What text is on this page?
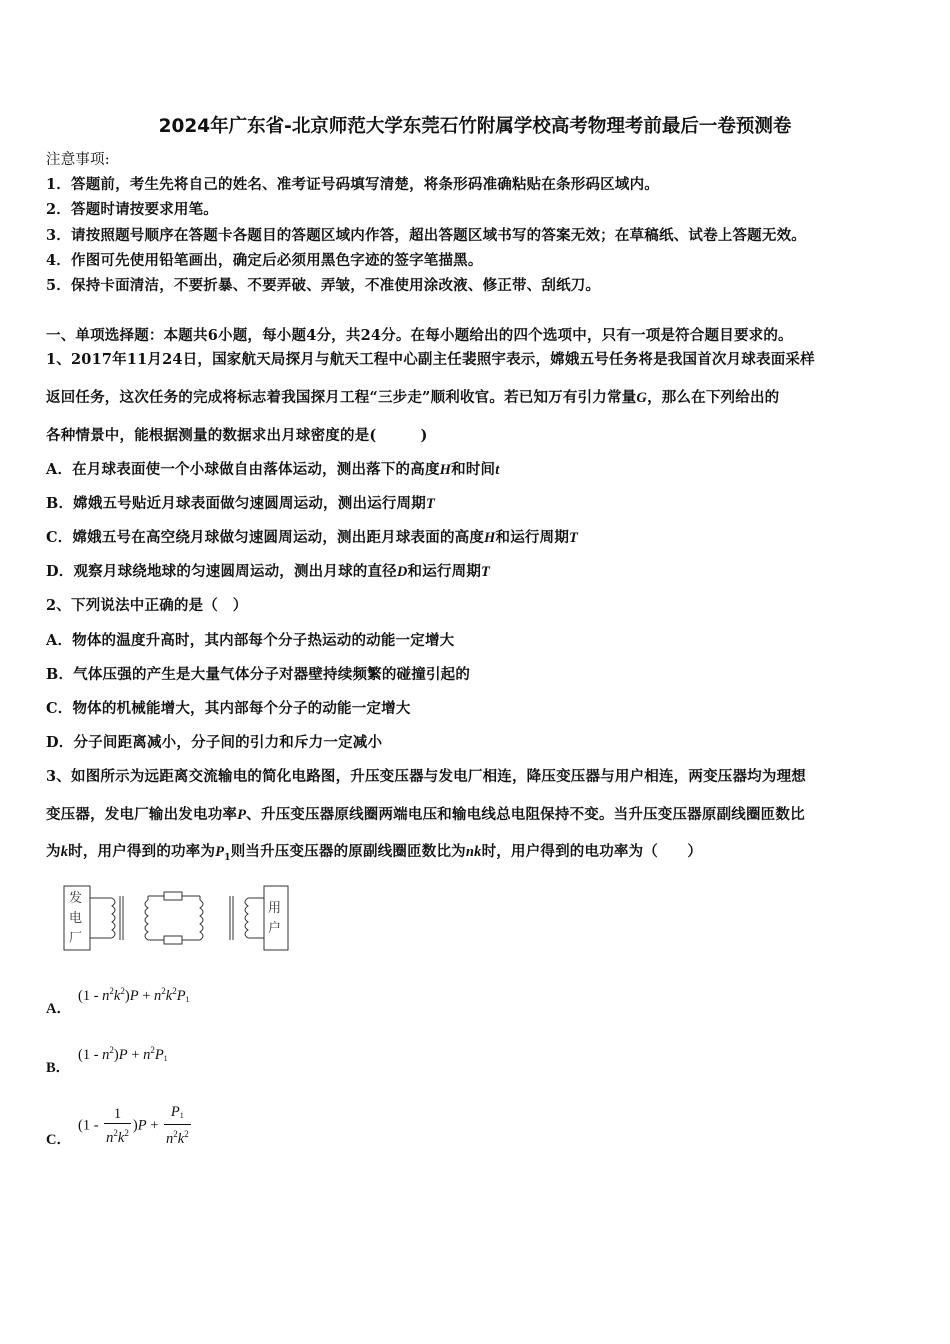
2024年广东省-北京师范大学东莞石竹附属学校高考物理考前最后一卷预测卷
注意事项:
1．答题前，考生先将自己的姓名、准考证号码填写清楚，将条形码准确粘贴在条形码区域内。
2．答题时请按要求用笔。
3．请按照题号顺序在答题卡各题目的答题区域内作答，超出答题区域书写的答案无效；在草稿纸、试卷上答题无效。
4．作图可先使用铅笔画出，确定后必须用黑色字迹的签字笔描黑。
5．保持卡面清洁，不要折暴、不要弄破、弄皱，不准使用涂改液、修正带、刮纸刀。
一、单项选择题：本题共6小题，每小题4分，共24分。在每小题给出的四个选项中，只有一项是符合题目要求的。
1、2017年11月24日，国家航天局探月与航天工程中心副主任裴照宇表示，嫦娥五号任务将是我国首次月球表面采样
返回任务，这次任务的完成将标志着我国探月工程“三步走”顺利收官。若已知万有引力常量G，那么在下列给出的
各种情景中，能根据测量的数据求出月球密度的是(　　　)
A．在月球表面使一个小球做自由落体运动，测出落下的高度H和时间t
B．嫦娥五号贴近月球表面做匀速圆周运动，测出运行周期T
C．嫦娥五号在高空绕月球做匀速圆周运动，测出距月球表面的高度H和运行周期T
D．观察月球绕地球的匀速圆周运动，测出月球的直径D和运行周期T
2、下列说法中正确的是（　）
A．物体的温度升高时，其内部每个分子热运动的动能一定增大
B．气体压强的产生是大量气体分子对器壁持续频繁的碰撞引起的
C．物体的机械能增大，其内部每个分子的动能一定增大
D．分子间距离减小，分子间的引力和斥力一定减小
3、如图所示为远距离交流输电的简化电路图，升压变压器与发电厂相连，降压变压器与用户相连，两变压器均为理想
变压器，发电厂输出发电功率P、升压变压器原线圈两端电压和输电线总电阻保持不变。当升压变压器原副线圈匝数比
为k时，用户得到的功率为$P_1$则当升压变压器的原副线圈匝数比为nk时，用户得到的电功率为（　　）
发
电
厂
用
户
A．
$(1 - n^2k^2)P + n^2k^2P_1$
B．
$(1 - n^2)P + n^2P_1$
C．
$(1 - \frac{1}{n^2k^2} )P + \frac{P_1}{n^2k^2}$
